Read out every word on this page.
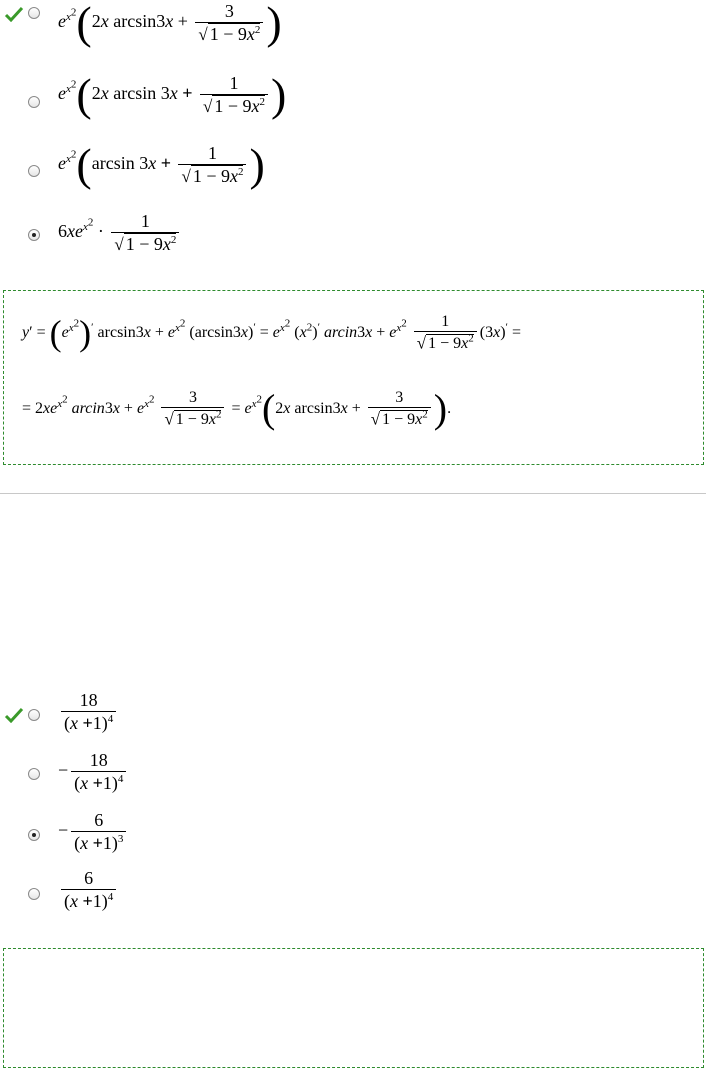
$e^{x^2}(2x$ $\arcsin 3x + \frac{3}{√ 1 - 9x^2}$ )
$e^{x^2}(2x$ $\arcsin 3x + \frac{1}{√ 1 - 9x^2}$ )
$e^{x^2}(\arcsin$ $3x + \frac{1}{√ 1 - 9x^2}$ )
$6xe^{x^2} \cdot \frac{1}{√ 1 - 9x^2}$
$y' = (e^{x^2})'$ $\arcsin 3x + e^{x^2}$ $(\arcsin 3x)' = e^{x^2}$ $(x^2)'$ arcin3x + $e^{x^2} \frac{1}{√ 1 - 9x^2} (3x)'$ =
= $2xe^{x^2}$ arcin3x + $e^{x^2} \frac{3}{√ 1 - 9x^2} = e^{x^2}(2x$ $\arcsin 3x + \frac{3}{√ 1 - 9x^2}$ ).
$\frac{18}{(x +1)^4}$
− $\frac{18}{(x +1)^4}$
− $\frac{6}{(x +1)^3}$
$\frac{6}{(x +1)^4}$
